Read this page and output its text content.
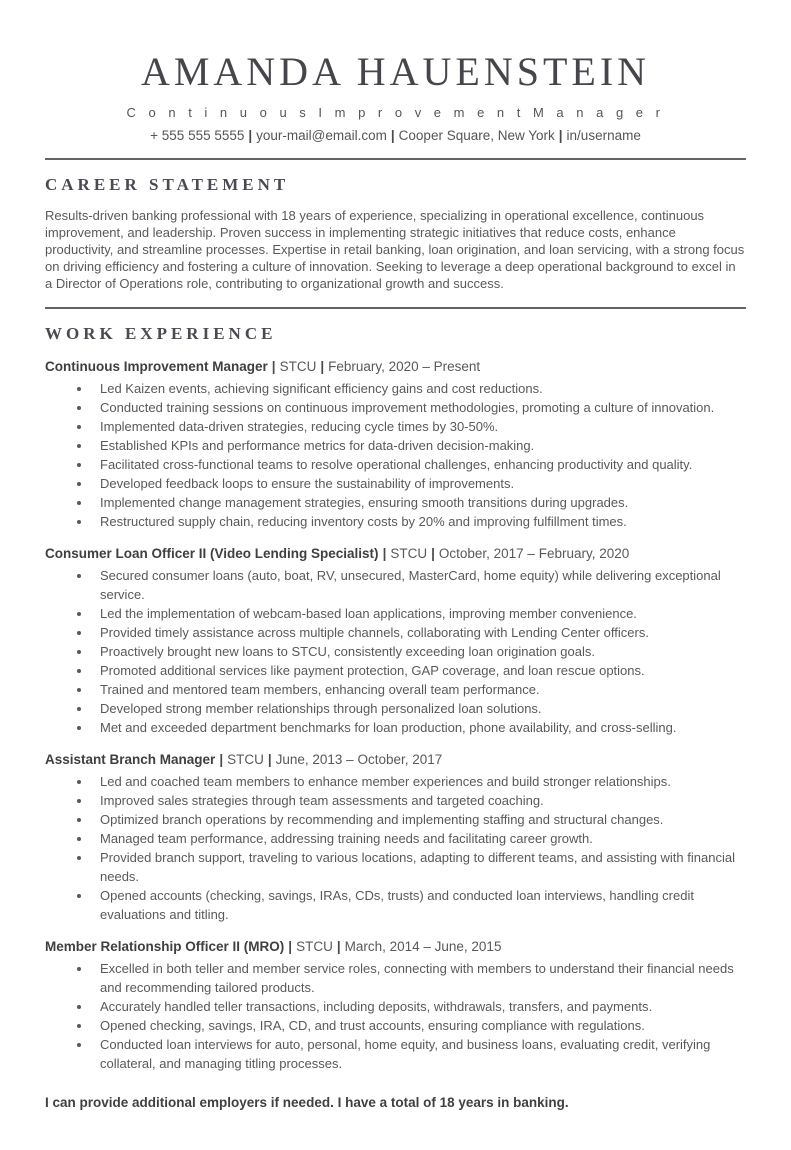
AMANDA HAUENSTEIN
C o n t i n u o u s I m p r o v e m e n t M a n a g e r
+ 555 555 5555 | your-mail@email.com | Cooper Square, New York | in/username
CAREER STATEMENT

Results-driven banking professional with 18 years of experience, specializing in operational excellence, continuous improvement, and leadership. Proven success in implementing strategic initiatives that reduce costs, enhance productivity, and streamline processes. Expertise in retail banking, loan origination, and loan servicing, with a strong focus on driving efficiency and fostering a culture of innovation. Seeking to leverage a deep operational background to excel in a Director of Operations role, contributing to organizational growth and success.

WORK EXPERIENCE
Continuous Improvement Manager | STCU | February, 2020 – Present
• Led Kaizen events, achieving significant efficiency gains and cost reductions.
• Conducted training sessions on continuous improvement methodologies, promoting a culture of innovation.
• Implemented data-driven strategies, reducing cycle times by 30-50%.
• Established KPIs and performance metrics for data-driven decision-making.
• Facilitated cross-functional teams to resolve operational challenges, enhancing productivity and quality.
• Developed feedback loops to ensure the sustainability of improvements.
• Implemented change management strategies, ensuring smooth transitions during upgrades.
• Restructured supply chain, reducing inventory costs by 20% and improving fulfillment times.
Consumer Loan Officer II (Video Lending Specialist) | STCU | October, 2017 – February, 2020
• Secured consumer loans (auto, boat, RV, unsecured, MasterCard, home equity) while delivering exceptional service.
• Led the implementation of webcam-based loan applications, improving member convenience.
• Provided timely assistance across multiple channels, collaborating with Lending Center officers.
• Proactively brought new loans to STCU, consistently exceeding loan origination goals.
• Promoted additional services like payment protection, GAP coverage, and loan rescue options.
• Trained and mentored team members, enhancing overall team performance.
• Developed strong member relationships through personalized loan solutions.
• Met and exceeded department benchmarks for loan production, phone availability, and cross-selling.
Assistant Branch Manager | STCU | June, 2013 – October, 2017
• Led and coached team members to enhance member experiences and build stronger relationships.
• Improved sales strategies through team assessments and targeted coaching.
• Optimized branch operations by recommending and implementing staffing and structural changes.
• Managed team performance, addressing training needs and facilitating career growth.
• Provided branch support, traveling to various locations, adapting to different teams, and assisting with financial needs.
• Opened accounts (checking, savings, IRAs, CDs, trusts) and conducted loan interviews, handling credit evaluations and titling.
Member Relationship Officer II (MRO) | STCU | March, 2014 – June, 2015
• Excelled in both teller and member service roles, connecting with members to understand their financial needs and recommending tailored products.
• Accurately handled teller transactions, including deposits, withdrawals, transfers, and payments.
• Opened checking, savings, IRA, CD, and trust accounts, ensuring compliance with regulations.
• Conducted loan interviews for auto, personal, home equity, and business loans, evaluating credit, verifying collateral, and managing titling processes.

I can provide additional employers if needed. I have a total of 18 years in banking.
